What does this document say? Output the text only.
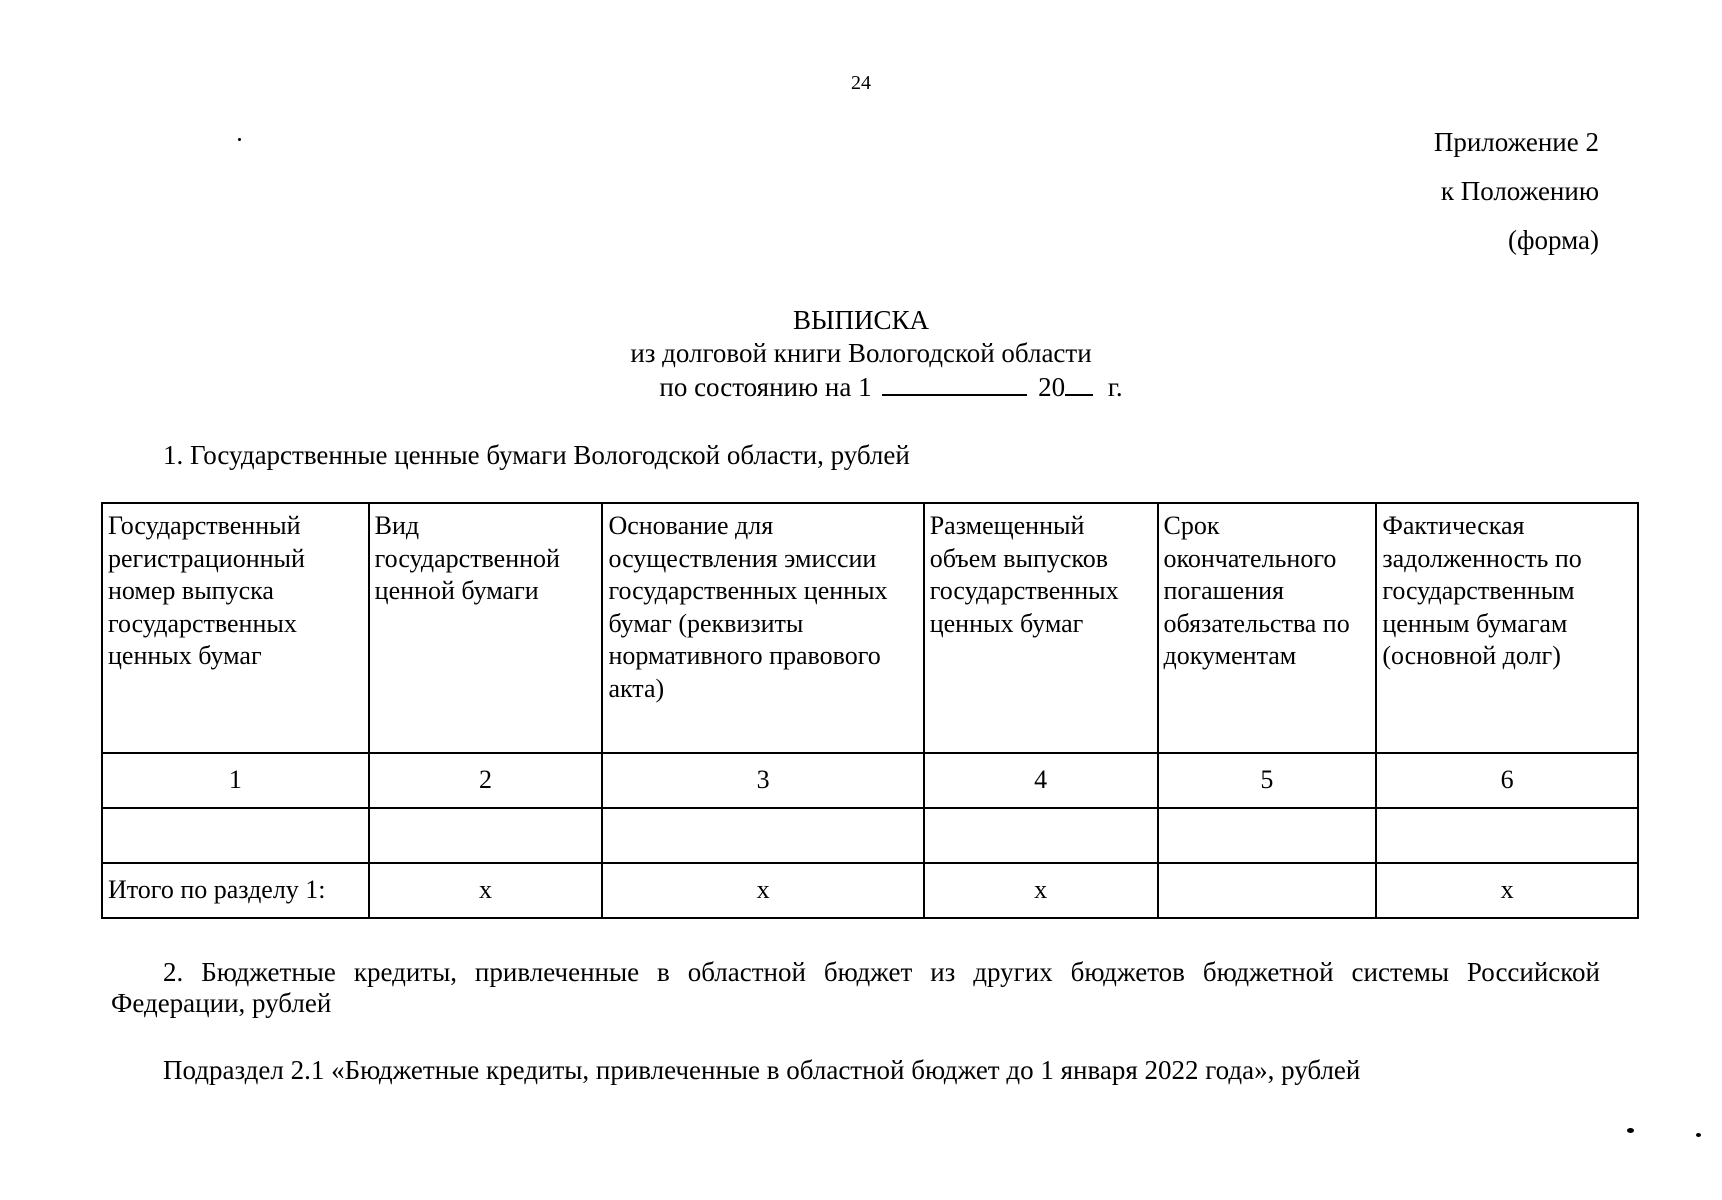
24
Приложение 2
к Положению
(форма)
ВЫПИСКА
из долговой книги Вологодской области
по состоянию на 1	20 г.
1. Государственные ценные бумаги Вологодской области, рублей
Государственный регистрационный номер выпуска государственных ценных бумаг	Вид государственной ценной бумаги	Основание для осуществления эмиссии государственных ценных бумаг (реквизиты нормативного правового акта)	Размещенный объем выпусков государственных ценных бумаг	Срок окончательного погашения обязательства по документам	Фактическая задолженность по государственным ценным бумагам (основной долг)
1	2	3	4	5	6

Итого по разделу 1:	x	x	x		x
2. Бюджетные кредиты, привлеченные в областной бюджет из других бюджетов бюджетной системы Российской Федерации, рублей
Подраздел 2.1 «Бюджетные кредиты, привлеченные в областной бюджет до 1 января 2022 года», рублей
